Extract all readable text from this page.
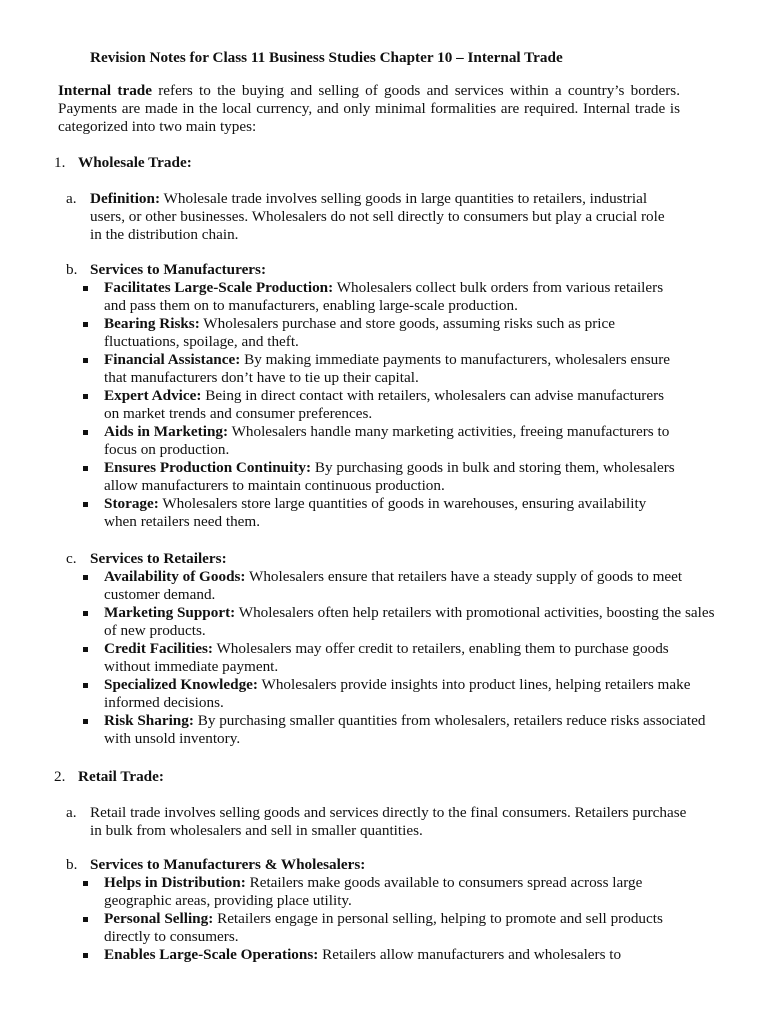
Revision Notes for Class 11 Business Studies Chapter 10 – Internal Trade

Internal trade refers to the buying and selling of goods and services within a country’s borders. Payments are made in the local currency, and only minimal formalities are required. Internal trade is categorized into two main types:

1. Wholesale Trade:
a. Definition: Wholesale trade involves selling goods in large quantities to retailers, industrial users, or other businesses. Wholesalers do not sell directly to consumers but play a crucial role in the distribution chain.
b. Services to Manufacturers:
Facilitates Large-Scale Production: Wholesalers collect bulk orders from various retailers and pass them on to manufacturers, enabling large-scale production.
Bearing Risks: Wholesalers purchase and store goods, assuming risks such as price fluctuations, spoilage, and theft.
Financial Assistance: By making immediate payments to manufacturers, wholesalers ensure that manufacturers don’t have to tie up their capital.
Expert Advice: Being in direct contact with retailers, wholesalers can advise manufacturers on market trends and consumer preferences.
Aids in Marketing: Wholesalers handle many marketing activities, freeing manufacturers to focus on production.
Ensures Production Continuity: By purchasing goods in bulk and storing them, wholesalers allow manufacturers to maintain continuous production.
Storage: Wholesalers store large quantities of goods in warehouses, ensuring availability when retailers need them.
c. Services to Retailers:
Availability of Goods: Wholesalers ensure that retailers have a steady supply of goods to meet customer demand.
Marketing Support: Wholesalers often help retailers with promotional activities, boosting the sales of new products.
Credit Facilities: Wholesalers may offer credit to retailers, enabling them to purchase goods without immediate payment.
Specialized Knowledge: Wholesalers provide insights into product lines, helping retailers make informed decisions.
Risk Sharing: By purchasing smaller quantities from wholesalers, retailers reduce risks associated with unsold inventory.
2. Retail Trade:
a. Retail trade involves selling goods and services directly to the final consumers. Retailers purchase in bulk from wholesalers and sell in smaller quantities.
b. Services to Manufacturers & Wholesalers:
Helps in Distribution: Retailers make goods available to consumers spread across large geographic areas, providing place utility.
Personal Selling: Retailers engage in personal selling, helping to promote and sell products directly to consumers.
Enables Large-Scale Operations: Retailers allow manufacturers and wholesalers to
